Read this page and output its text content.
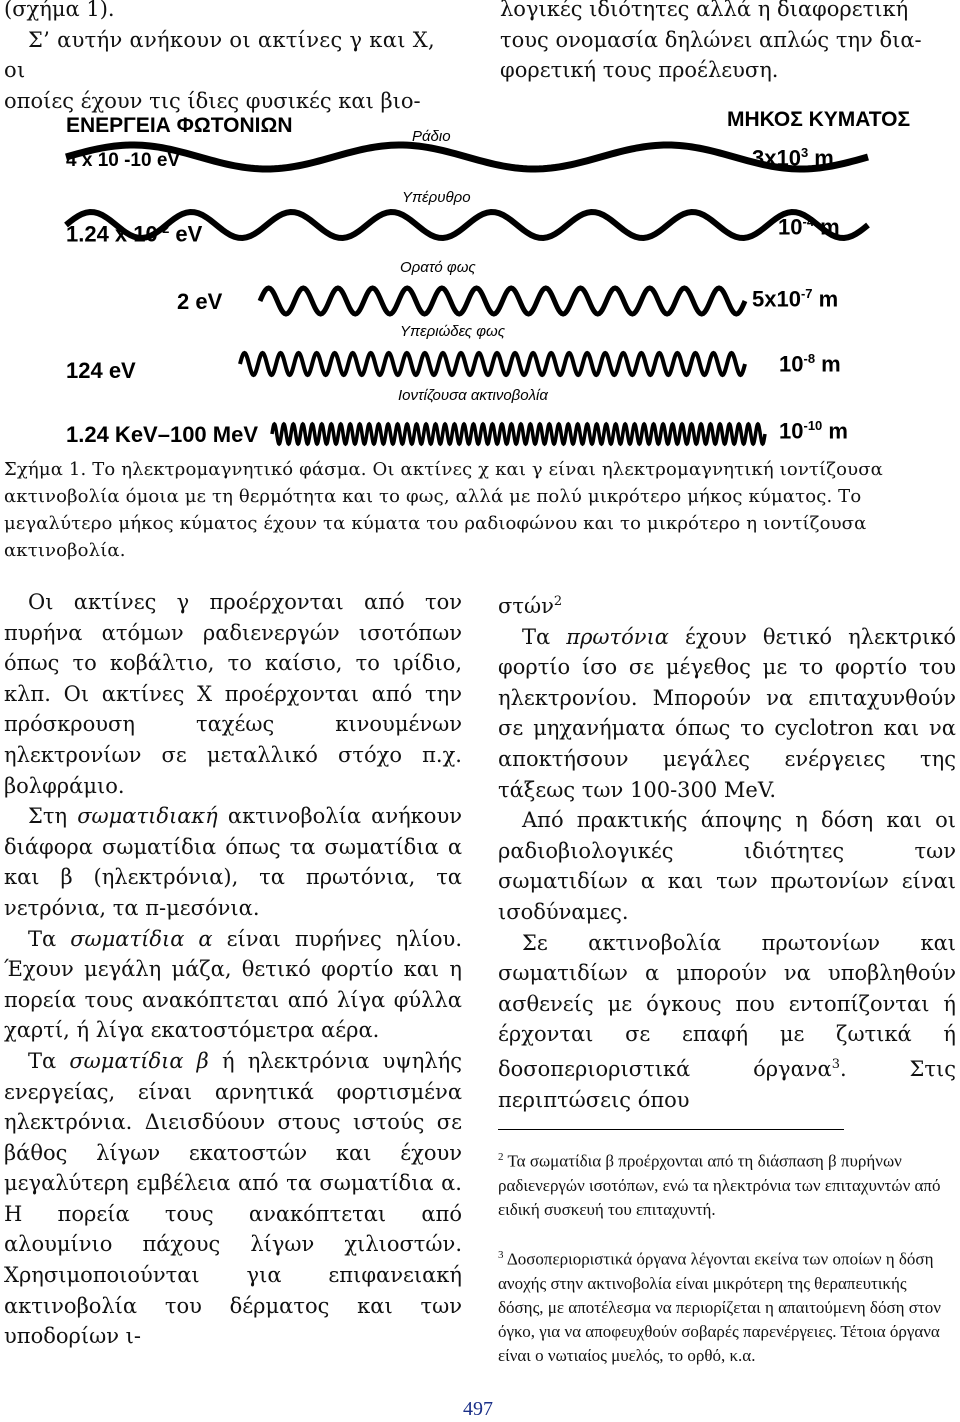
(σχήμα 1).

Σ’ αυτήν ανήκουν οι ακτίνες γ και Χ, οι

οποίες έχουν τις ίδιες φυσικές και βιο-

λογικές ιδιότητες αλλά η διαφορετική

τους ονομασία δηλώνει απλώς την δια-

φορετική τους προέλευση.

ΕΝΕΡΓΕΙΑ ΦΩΤΟΝΙΩΝ	ΜΗΚΟΣ ΚΥΜΑΤΟΣ
Ράδιο
Υπέρυθρο
Ορατό φως
Υπεριώδες φως
Ιοντίζουσα ακτινοβολία
4 x 10 -10 eV
1.24 x $10^{-2}$ eV
2 eV
124 eV
1.24 KeV–100 MeV
$3x10^3$ m
$10^{-4}$ m
$5x10^{-7}$ m
$10^{-8}$ m
$10^{-10}$ m
Σχήμα 1. Το ηλεκτρομαγνητικό φάσμα. Οι ακτίνες χ και γ είναι ηλεκτρομαγνητική ιοντίζουσα
ακτινοβολία όμοια με τη θερμότητα και το φως, αλλά με πολύ μικρότερο μήκος κύματος. Το
μεγαλύτερο μήκος κύματος έχουν τα κύματα του ραδιοφώνου και το μικρότερο η ιοντίζουσα
ακτινοβολία.

Οι ακτίνες γ προέρχονται από τον πυρήνα ατόμων ραδιενεργών ισοτόπων όπως το κοβάλτιο, το καίσιο, το ιρίδιο, κλπ. Οι ακτίνες Χ προέρχονται από την πρόσκρουση ταχέως κινουμένων ηλεκτρονίων σε μεταλλικό στόχο π.χ. βολφράμιο.

Στη σωματιδιακή ακτινοβολία ανήκουν διάφορα σωματίδια όπως τα σωματίδια α και β (ηλεκτρόνια), τα πρωτόνια, τα νετρόνια, τα π-μεσόνια.

Τα σωματίδια α είναι πυρήνες ηλίου. Έχουν μεγάλη μάζα, θετικό φορτίο και η πορεία τους ανακόπτεται από λίγα φύλλα χαρτί, ή λίγα εκατοστόμετρα αέρα.

Τα σωματίδια β ή ηλεκτρόνια υψηλής ενεργείας, είναι αρνητικά φορτισμένα ηλεκτρόνια. Διεισδύουν στους ιστούς σε βάθος λίγων εκατοστών και έχουν μεγαλύτερη εμβέλεια από τα σωματίδια α. Η πορεία τους ανακόπτεται από αλουμίνιο πάχους λίγων χιλιοστών. Χρησιμοποιούνται για επιφανειακή ακτινοβολία του δέρματος και των υποδορίων ι-

στών$^2$

Τα πρωτόνια έχουν θετικό ηλεκτρικό φορτίο ίσο σε μέγεθος με το φορτίο του ηλεκτρονίου. Μπορούν να επιταχυνθούν σε μηχανήματα όπως το cyclotron και να αποκτήσουν μεγάλες ενέργειες της τάξεως των 100-300 MeV.

Από πρακτικής άποψης η δόση και οι ραδιοβιολογικές ιδιότητες των σωματιδίων α και των πρωτονίων είναι ισοδύναμες.

Σε ακτινοβολία πρωτονίων και σωματιδίων α μπορούν να υποβληθούν ασθενείς με όγκους που εντοπίζονται ή έρχονται σε επαφή με ζωτικά ή δοσοπεριοριστικά όργανα$^3$. Στις περιπτώσεις όπου

$^2$ Τα σωματίδια β προέρχονται από τη διάσπαση β πυρήνων ραδιενεργών ισοτόπων, ενώ τα ηλεκτρόνια των επιταχυντών από ειδική συσκευή του επιταχυντή.
$^3$ Δοσοπεριοριστικά όργανα λέγονται εκείνα των οποίων η δόση ανοχής στην ακτινοβολία είναι μικρότερη της θεραπευτικής δόσης, με αποτέλεσμα να περιορίζεται η απαιτούμενη δόση στον όγκο, για να αποφευχθούν σοβαρές παρενέργειες. Τέτοια όργανα είναι ο νωτιαίος μυελός, το ορθό, κ.α.
497
